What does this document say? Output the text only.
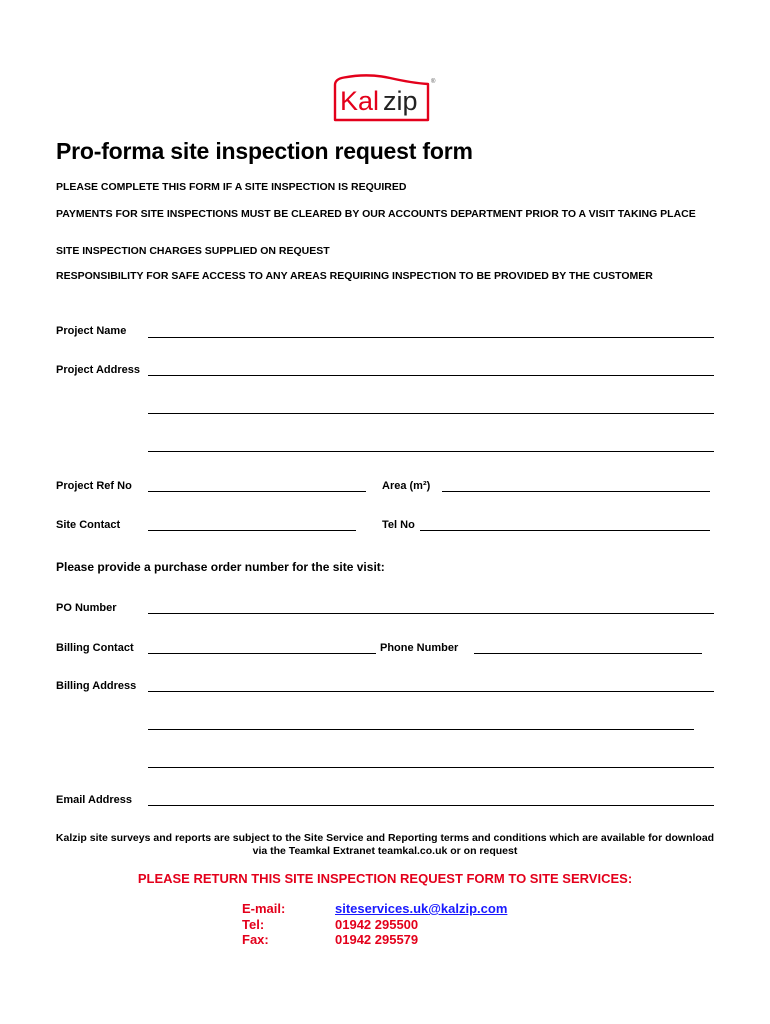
Kal zip
®
Pro-forma site inspection request form
PLEASE COMPLETE THIS FORM IF A SITE INSPECTION IS REQUIRED
PAYMENTS FOR SITE INSPECTIONS MUST BE CLEARED BY OUR ACCOUNTS DEPARTMENT PRIOR TO A VISIT TAKING PLACE
SITE INSPECTION CHARGES SUPPLIED ON REQUEST
RESPONSIBILITY FOR SAFE ACCESS TO ANY AREAS REQUIRING INSPECTION TO BE PROVIDED BY THE CUSTOMER
Project Name
Project Address
Project Ref No	Area (m²)
Site Contact	Tel No
Please provide a purchase order number for the site visit:
PO Number
Billing Contact	Phone Number
Billing Address
Email Address
Kalzip site surveys and reports are subject to the Site Service and Reporting terms and conditions which are available for download via the Teamkal Extranet teamkal.co.uk or on request
PLEASE RETURN THIS SITE INSPECTION REQUEST FORM TO SITE SERVICES:
E-mail:	siteservices.uk@kalzip.com
Tel:	01942 295500
Fax:	01942 295579
